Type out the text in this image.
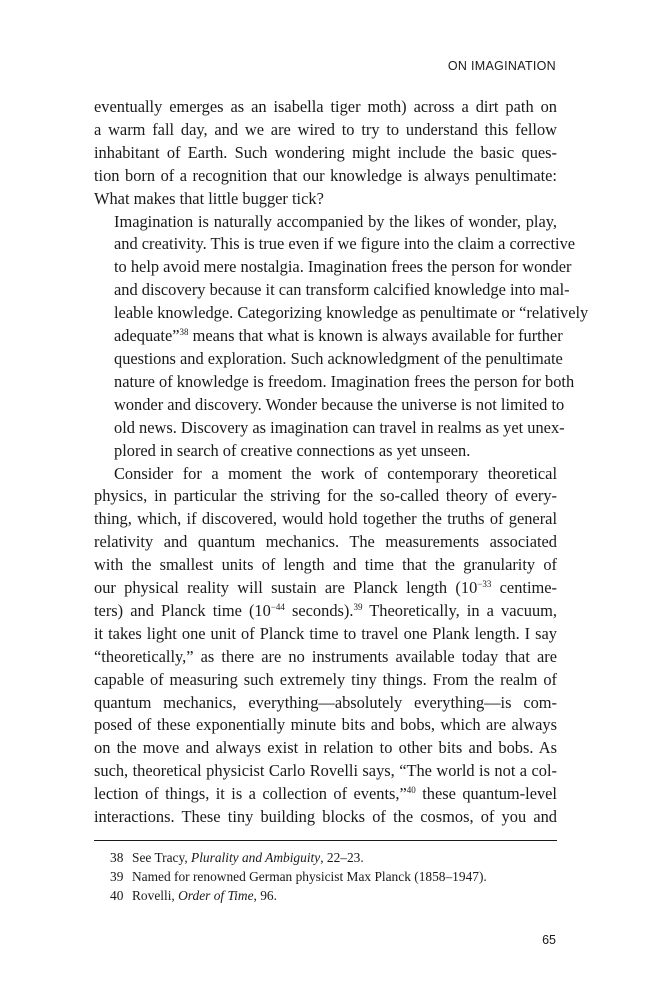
ON IMAGINATION

eventually emerges as an isabella tiger moth) across a dirt path on
a warm fall day, and we are wired to try to understand this fellow
inhabitant of Earth. Such wondering might include the basic ques-
tion born of a recognition that our knowledge is always penultimate:
What makes that little bugger tick?

Imagination is naturally accompanied by the likes of wonder, play,
and creativity. This is true even if we figure into the claim a corrective
to help avoid mere nostalgia. Imagination frees the person for wonder
and discovery because it can transform calcified knowledge into mal-
leable knowledge. Categorizing knowledge as penultimate or “relatively
adequate”$^{38}$ means that what is known is always available for further
questions and exploration. Such acknowledgment of the penultimate
nature of knowledge is freedom. Imagination frees the person for both
wonder and discovery. Wonder because the universe is not limited to
old news. Discovery as imagination can travel in realms as yet unex-
plored in search of creative connections as yet unseen.

Consider for a moment the work of contemporary theoretical
physics, in particular the striving for the so-called theory of every-
thing, which, if discovered, would hold together the truths of general
relativity and quantum mechanics. The measurements associated
with the smallest units of length and time that the granularity of
our physical reality will sustain are Planck length ($10^{-33}$ centime-
ters) and Planck time ($10^{-44}$ seconds).$^{39}$ Theoretically, in a vacuum,
it takes light one unit of Planck time to travel one Plank length. I say
“theoretically,” as there are no instruments available today that are
capable of measuring such extremely tiny things. From the realm of
quantum mechanics, everything—absolutely everything—is com-
posed of these exponentially minute bits and bobs, which are always
on the move and always exist in relation to other bits and bobs. As
such, theoretical physicist Carlo Rovelli says, “The world is not a col-
lection of things, it is a collection of events,”$^{40}$ these quantum-level
interactions. These tiny building blocks of the cosmos, of you and

38 See Tracy, Plurality and Ambiguity, 22–23.
39 Named for renowned German physicist Max Planck (1858–1947).
40 Rovelli, Order of Time, 96.
65
